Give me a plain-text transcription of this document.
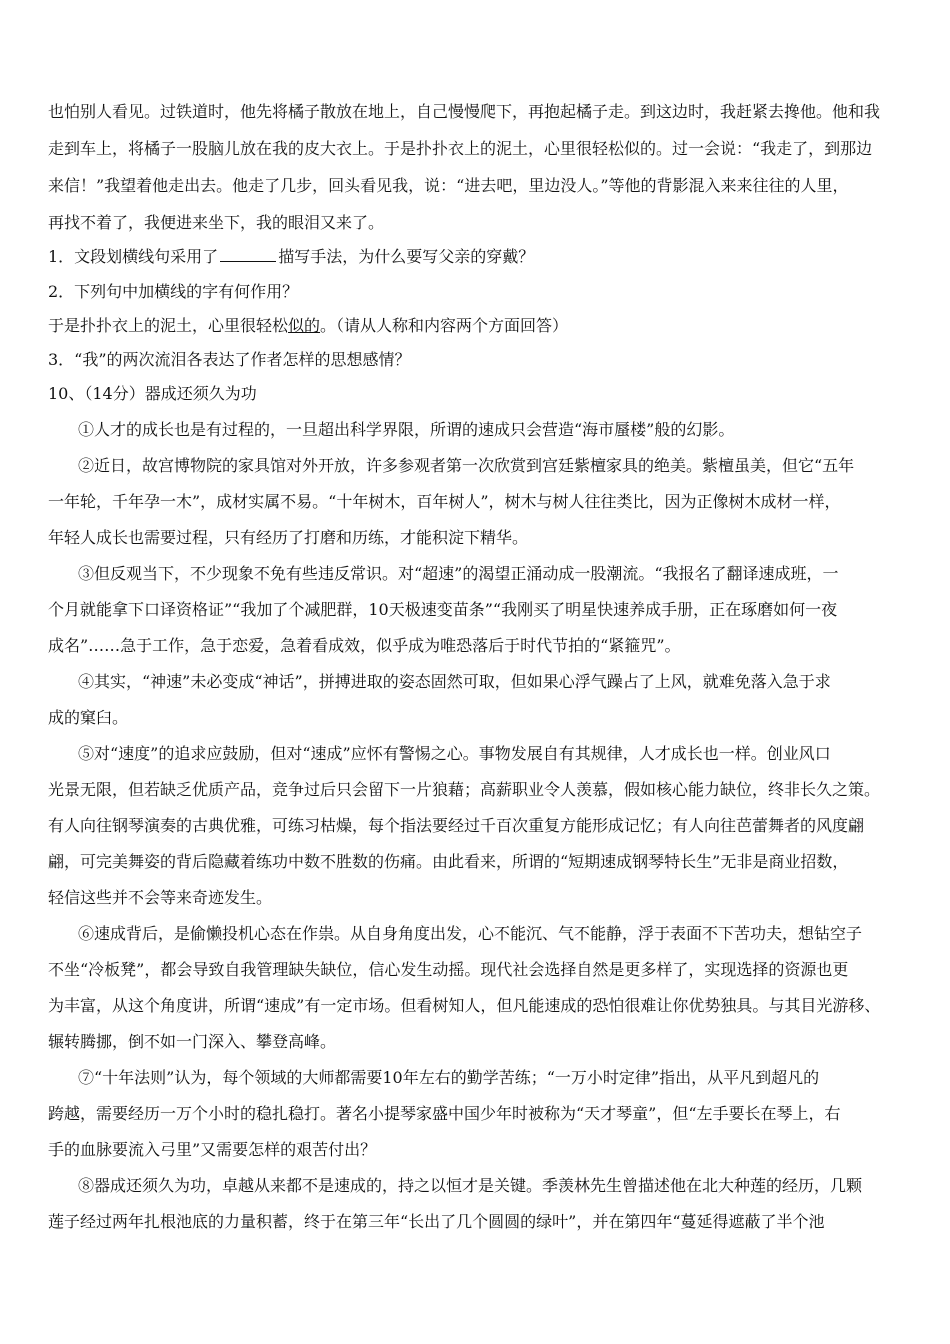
也怕别人看见。过铁道时，他先将橘子散放在地上，自己慢慢爬下，再抱起橘子走。到这边时，我赶紧去搀他。他和我
走到车上，将橘子一股脑儿放在我的皮大衣上。于是扑扑衣上的泥土，心里很轻松似的。过一会说：“我走了，到那边
来信！”我望着他走出去。他走了几步，回头看见我，说：“进去吧，里边没人。”等他的背影混入来来往往的人里，
再找不着了，我便进来坐下，我的眼泪又来了。
1．文段划横线句采用了	描写手法，为什么要写父亲的穿戴？
2．下列句中加横线的字有何作用？
于是扑扑衣上的泥土，心里很轻松似的。（请从人称和内容两个方面回答）
3．“我”的两次流泪各表达了作者怎样的思想感情？
10、（14分）器成还须久为功
①人才的成长也是有过程的，一旦超出科学界限，所谓的速成只会营造“海市蜃楼”般的幻影。
②近日，故宫博物院的家具馆对外开放，许多参观者第一次欣赏到宫廷紫檀家具的绝美。紫檀虽美，但它“五年
一年轮，千年孕一木”，成材实属不易。“十年树木，百年树人”，树木与树人往往类比，因为正像树木成材一样，
年轻人成长也需要过程，只有经历了打磨和历练，才能积淀下精华。
③但反观当下，不少现象不免有些违反常识。对“超速”的渴望正涌动成一股潮流。“我报名了翻译速成班，一
个月就能拿下口译资格证”“我加了个减肥群，10天极速变苗条”“我刚买了明星快速养成手册，正在琢磨如何一夜
成名”……急于工作，急于恋爱，急着看成效，似乎成为唯恐落后于时代节拍的“紧箍咒”。
④其实，“神速”未必变成“神话”，拼搏进取的姿态固然可取，但如果心浮气躁占了上风，就难免落入急于求
成的窠臼。
⑤对“速度”的追求应鼓励，但对“速成”应怀有警惕之心。事物发展自有其规律，人才成长也一样。创业风口
光景无限，但若缺乏优质产品，竞争过后只会留下一片狼藉；高薪职业令人羡慕，假如核心能力缺位，终非长久之策。
有人向往钢琴演奏的古典优雅，可练习枯燥，每个指法要经过千百次重复方能形成记忆；有人向往芭蕾舞者的风度翩
翩，可完美舞姿的背后隐藏着练功中数不胜数的伤痛。由此看来，所谓的“短期速成钢琴特长生”无非是商业招数，
轻信这些并不会等来奇迹发生。
⑥速成背后，是偷懒投机心态在作祟。从自身角度出发，心不能沉、气不能静，浮于表面不下苦功夫，想钻空子
不坐“冷板凳”，都会导致自我管理缺失缺位，信心发生动摇。现代社会选择自然是更多样了，实现选择的资源也更
为丰富，从这个角度讲，所谓“速成”有一定市场。但看树知人，但凡能速成的恐怕很难让你优势独具。与其目光游移、
辗转腾挪，倒不如一门深入、攀登高峰。
⑦“十年法则”认为，每个领域的大师都需要10年左右的勤学苦练；“一万小时定律”指出，从平凡到超凡的
跨越，需要经历一万个小时的稳扎稳打。著名小提琴家盛中国少年时被称为“天才琴童”，但“左手要长在琴上，右
手的血脉要流入弓里”又需要怎样的艰苦付出？
⑧器成还须久为功，卓越从来都不是速成的，持之以恒才是关键。季羡林先生曾描述他在北大种莲的经历，几颗
莲子经过两年扎根池底的力量积蓄，终于在第三年“长出了几个圆圆的绿叶”，并在第四年“蔓延得遮蔽了半个池
